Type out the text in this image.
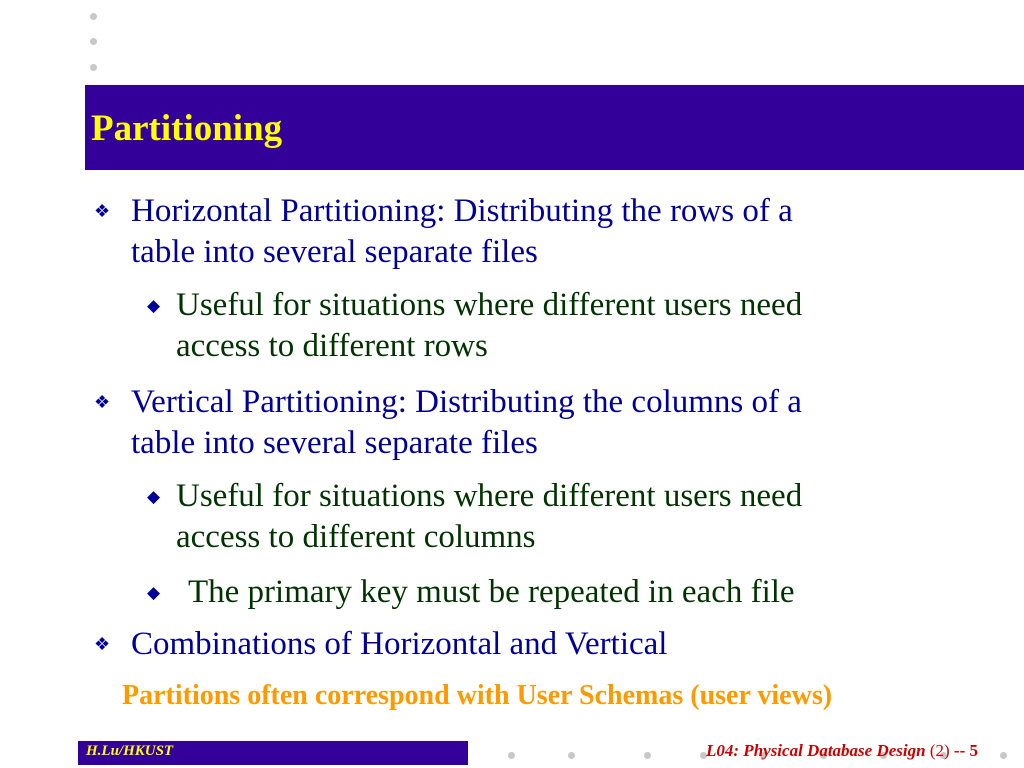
Partitioning
❖ Horizontal Partitioning: Distributing the rows of a
table into several separate files
◆ Useful for situations where different users need
access to different rows
❖ Vertical Partitioning: Distributing the columns of a
table into several separate files
◆ Useful for situations where different users need
access to different columns
◆ The primary key must be repeated in each file
❖ Combinations of Horizontal and Vertical
Partitions often correspond with User Schemas (user views)
H.Lu/HKUST	L04: Physical Database Design (2) -- 5
